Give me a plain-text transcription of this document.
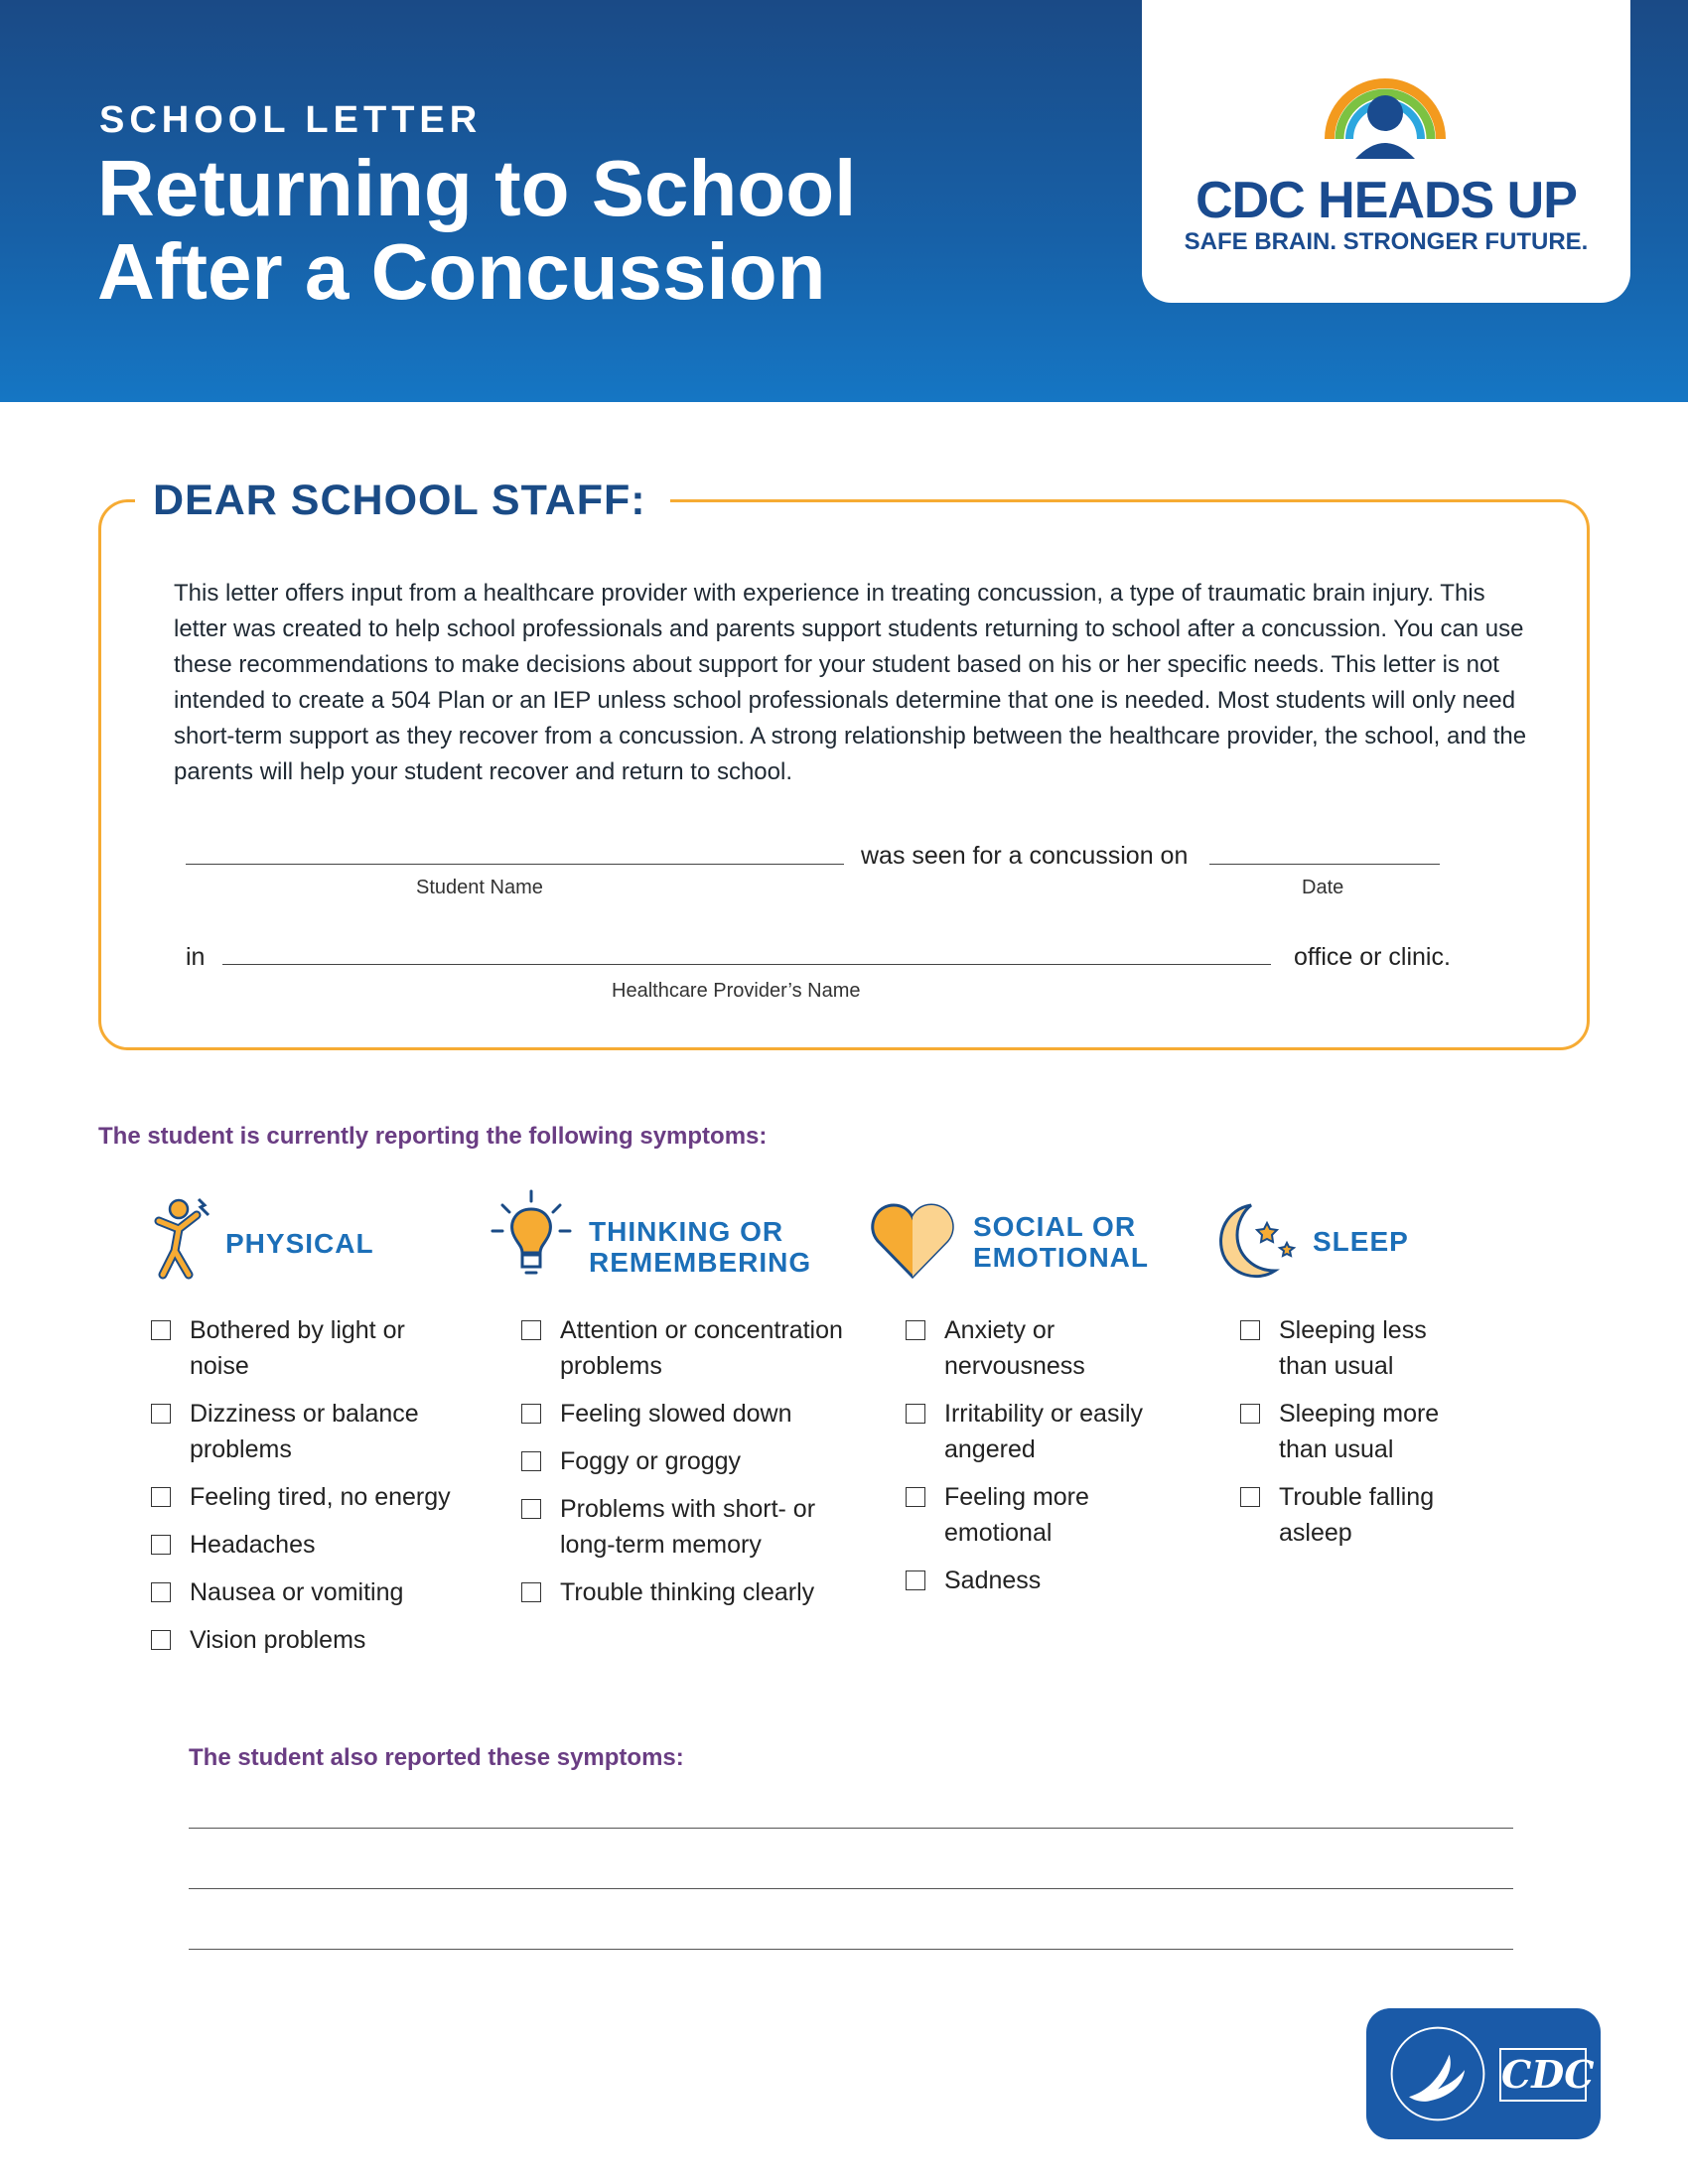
SCHOOL LETTER
Returning to School After a Concussion
CDC HEADS UP
SAFE BRAIN. STRONGER FUTURE.
DEAR SCHOOL STAFF:
This letter offers input from a healthcare provider with experience in treating concussion, a type of traumatic brain injury. This letter was created to help school professionals and parents support students returning to school after a concussion. You can use these recommendations to make decisions about support for your student based on his or her specific needs. This letter is not intended to create a 504 Plan or an IEP unless school professionals determine that one is needed. Most students will only need short-term support as they recover from a concussion. A strong relationship between the healthcare provider, the school, and the parents will help your student recover and return to school.
was seen for a concussion on
Student Name	Date
in	office or clinic.
Healthcare Provider’s Name
The student is currently reporting the following symptoms:
PHYSICAL	THINKING OR
REMEMBERING
SOCIAL OR
EMOTIONAL
SLEEP
Bothered by light or noise
Dizziness or balance problems
Feeling tired, no energy
Headaches
Nausea or vomiting
Vision problems
Attention or concentration problems
Feeling slowed down
Foggy or groggy
Problems with short- or long-term memory
Trouble thinking clearly
Anxiety or nervousness
Irritability or easily angered
Feeling more emotional
Sadness
Sleeping less than usual
Sleeping more than usual
Trouble falling asleep
The student also reported these symptoms:
CDC
